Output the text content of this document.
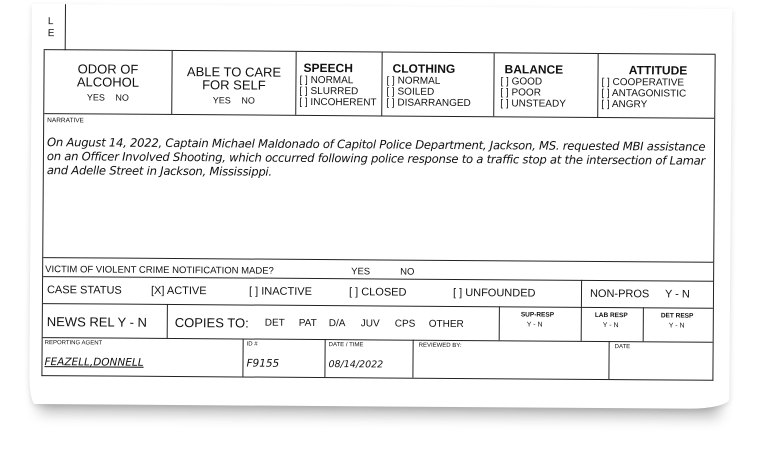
L
E
ODOR OF
ALCOHOL
YES NO
ABLE TO CARE
FOR SELF
YES NO
SPEECH
[ ] NORMAL
[ ] SLURRED
[ ] INCOHERENT
CLOTHING
[ ] NORMAL
[ ] SOILED
[ ] DISARRANGED
BALANCE
[ ] GOOD
[ ] POOR
[ ] UNSTEADY
ATTITUDE
[ ] COOPERATIVE
[ ] ANTAGONISTIC
[ ] ANGRY
NARRATIVE
On August 14, 2022, Captain Michael Maldonado of Capitol Police Department, Jackson, MS. requested MBI assistance on an Officer Involved Shooting, which occurred following police response to a traffic stop at the intersection of Lamar and Adelle Street in Jackson, Mississippi.
VICTIM OF VIOLENT CRIME NOTIFICATION MADE?	YES	NO
CASE STATUS	[X] ACTIVE	[ ] INACTIVE	[ ] CLOSED	[ ] UNFOUNDED	NON-PROS Y - N
NEWS REL Y - N COPIES TO: DET PAT D/A JUV CPS OTHER
SUP-RESP
Y - N
LAB RESP
Y - N
DET RESP
Y - N
REPORTING AGENT
FEAZELL,DONNELL
ID #
F9155
DATE / TIME
08/14/2022
REVIEWED BY:	DATE
